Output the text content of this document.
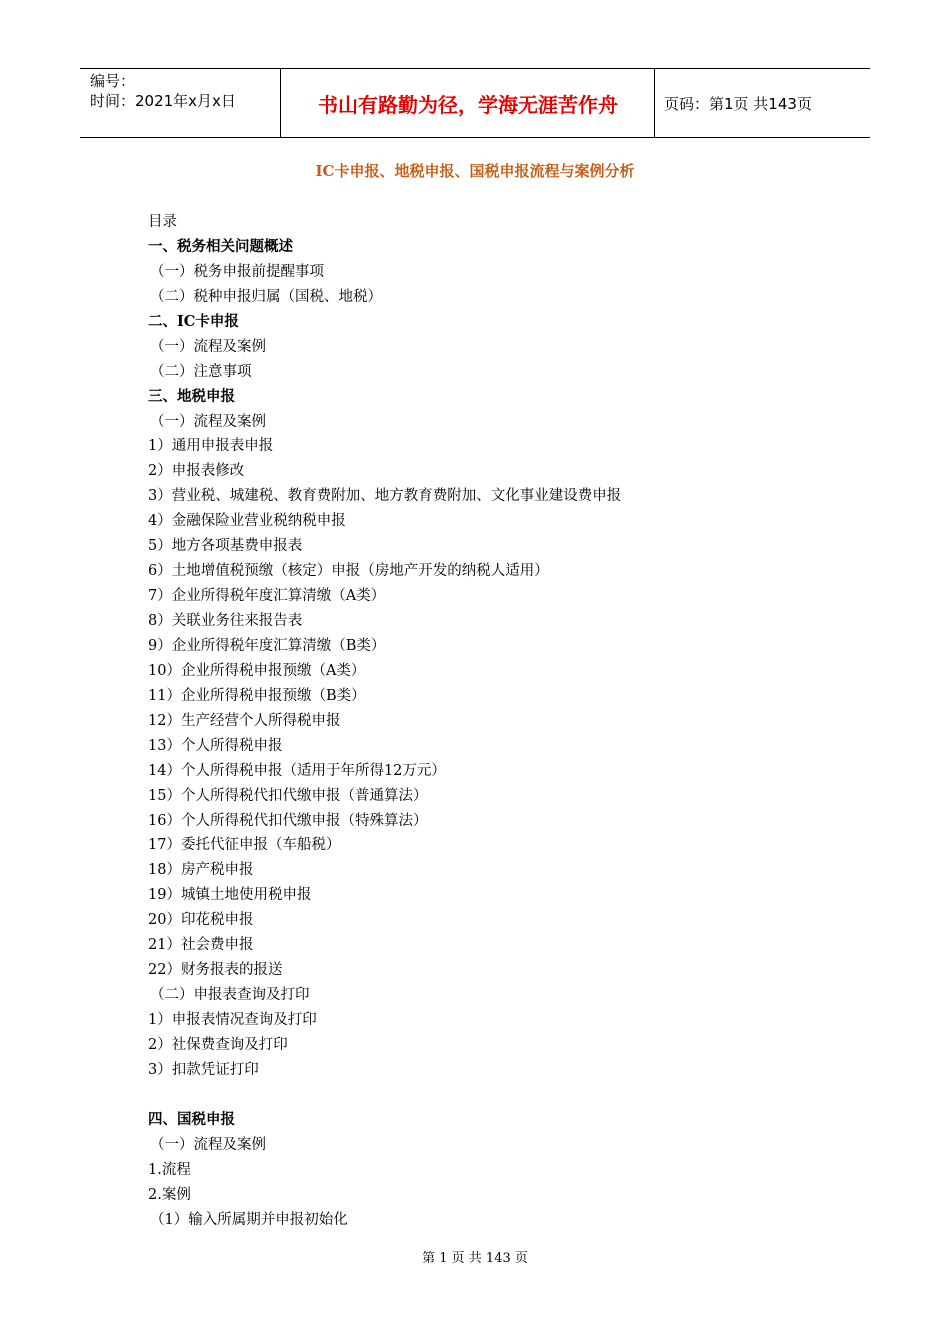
编号：
时间：2021年x月x日	书山有路勤为径，学海无涯苦作舟	页码：第1页 共143页
IC卡申报、地税申报、国税申报流程与案例分析
目录
一、税务相关问题概述
（一）税务申报前提醒事项
（二）税种申报归属（国税、地税）
二、IC卡申报
（一）流程及案例
（二）注意事项
三、地税申报
（一）流程及案例
1）通用申报表申报
2）申报表修改
3）营业税、城建税、教育费附加、地方教育费附加、文化事业建设费申报
4）金融保险业营业税纳税申报
5）地方各项基费申报表
6）土地增值税预缴（核定）申报（房地产开发的纳税人适用）
7）企业所得税年度汇算清缴（A类）
8）关联业务往来报告表
9）企业所得税年度汇算清缴（B类）
10）企业所得税申报预缴（A类）
11）企业所得税申报预缴（B类）
12）生产经营个人所得税申报
13）个人所得税申报
14）个人所得税申报（适用于年所得12万元）
15）个人所得税代扣代缴申报（普通算法）
16）个人所得税代扣代缴申报（特殊算法）
17）委托代征申报（车船税）
18）房产税申报
19）城镇土地使用税申报
20）印花税申报
21）社会费申报
22）财务报表的报送
（二）申报表查询及打印
1）申报表情况查询及打印
2）社保费查询及打印
3）扣款凭证打印
四、国税申报
（一）流程及案例
1.流程
2.案例
（1）输入所属期并申报初始化
第 1 页 共 143 页
